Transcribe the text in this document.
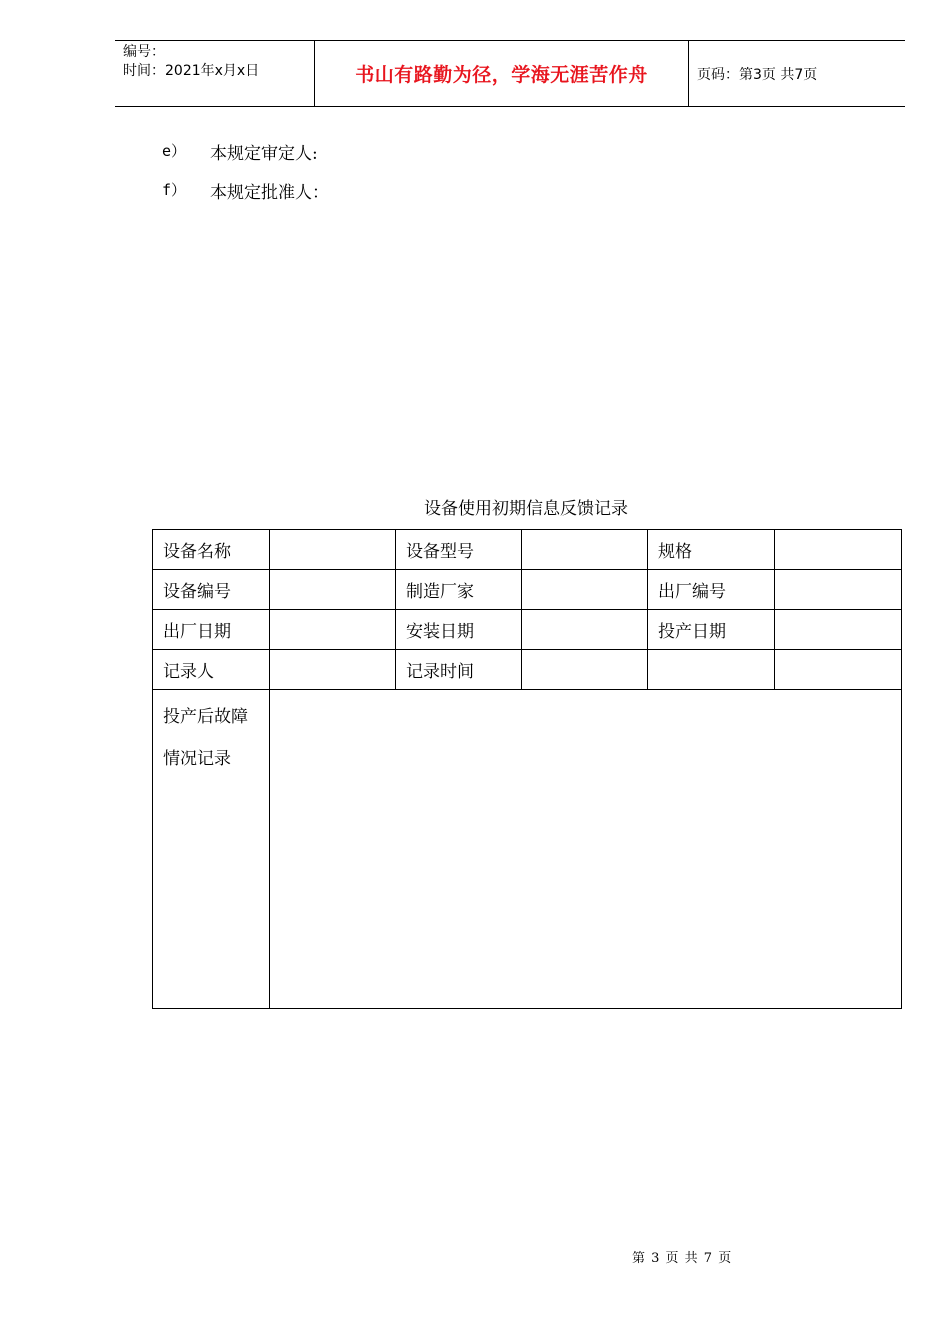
编号：
时间：2021年x月x日	书山有路勤为径，学海无涯苦作舟	页码：第3页 共7页
e）	本规定审定人:
f）	本规定批准人：
设备使用初期信息反馈记录
设备名称		设备型号		规格	
设备编号		制造厂家		出厂编号	
出厂日期		安装日期		投产日期	
记录人		记录时间			

投产后故障
情况记录					

第 3 页 共 7 页
